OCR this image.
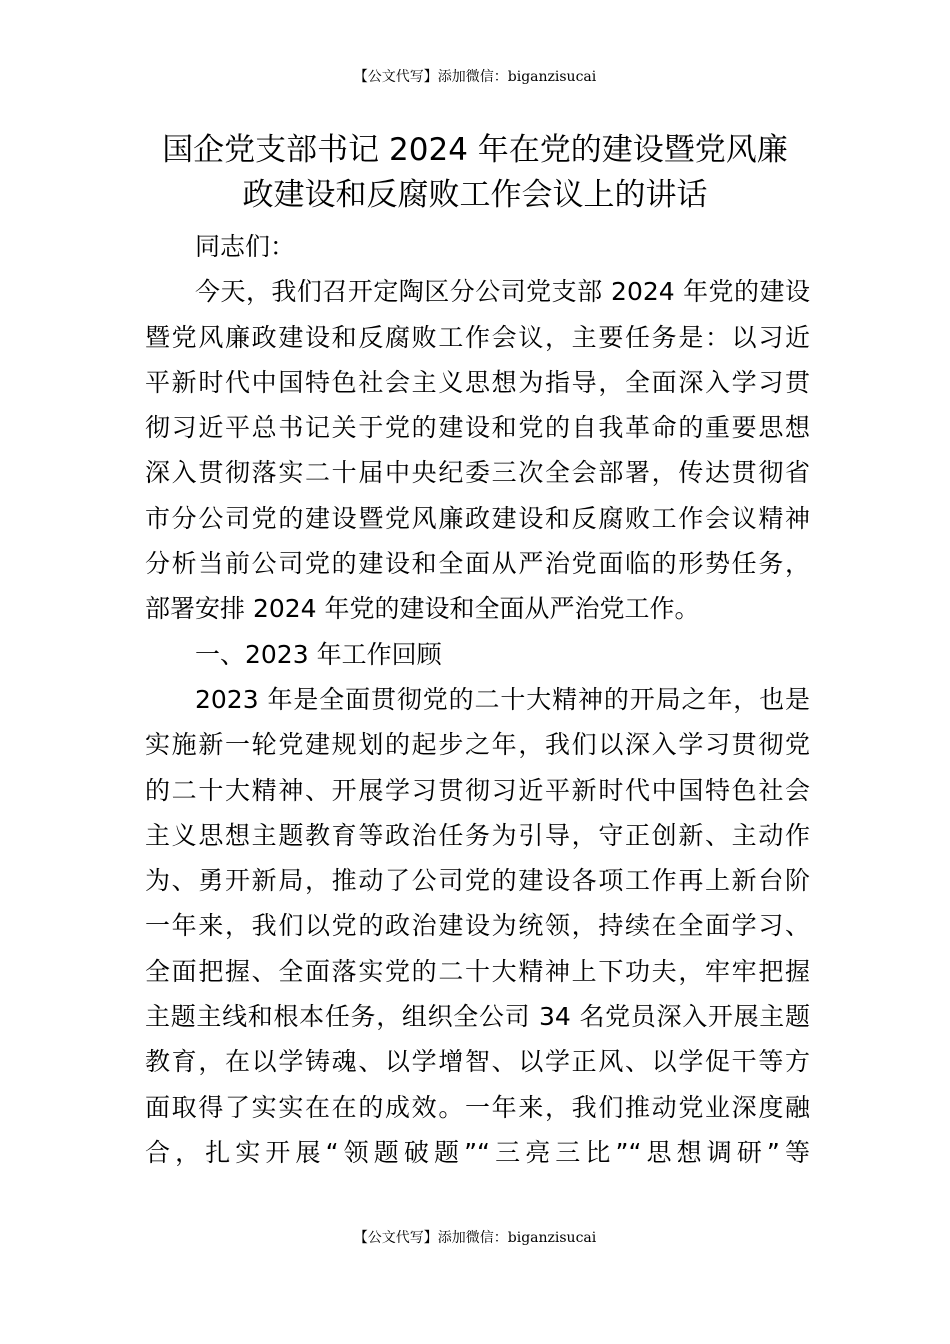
【公文代写】添加微信：biganzisucai
国企党支部书记 2024 年在党的建设暨党风廉
政建设和反腐败工作会议上的讲话
同志们：
今天，我们召开定陶区分公司党支部 2024 年党的建设
暨党风廉政建设和反腐败工作会议，主要任务是：以习近
平新时代中国特色社会主义思想为指导，全面深入学习贯
彻习近平总书记关于党的建设和党的自我革命的重要思想
深入贯彻落实二十届中央纪委三次全会部署，传达贯彻省
市分公司党的建设暨党风廉政建设和反腐败工作会议精神
分析当前公司党的建设和全面从严治党面临的形势任务，
部署安排 2024 年党的建设和全面从严治党工作。
一、2023 年工作回顾
2023 年是全面贯彻党的二十大精神的开局之年，也是
实施新一轮党建规划的起步之年，我们以深入学习贯彻党
的二十大精神、开展学习贯彻习近平新时代中国特色社会
主义思想主题教育等政治任务为引导，守正创新、主动作
为、勇开新局，推动了公司党的建设各项工作再上新台阶
一年来，我们以党的政治建设为统领，持续在全面学习、
全面把握、全面落实党的二十大精神上下功夫，牢牢把握
主题主线和根本任务，组织全公司 34 名党员深入开展主题
教育，在以学铸魂、以学增智、以学正风、以学促干等方
面取得了实实在在的成效。一年来，我们推动党业深度融
合，扎实开展“领题破题”“三亮三比”“思想调研”等
【公文代写】添加微信：biganzisucai
